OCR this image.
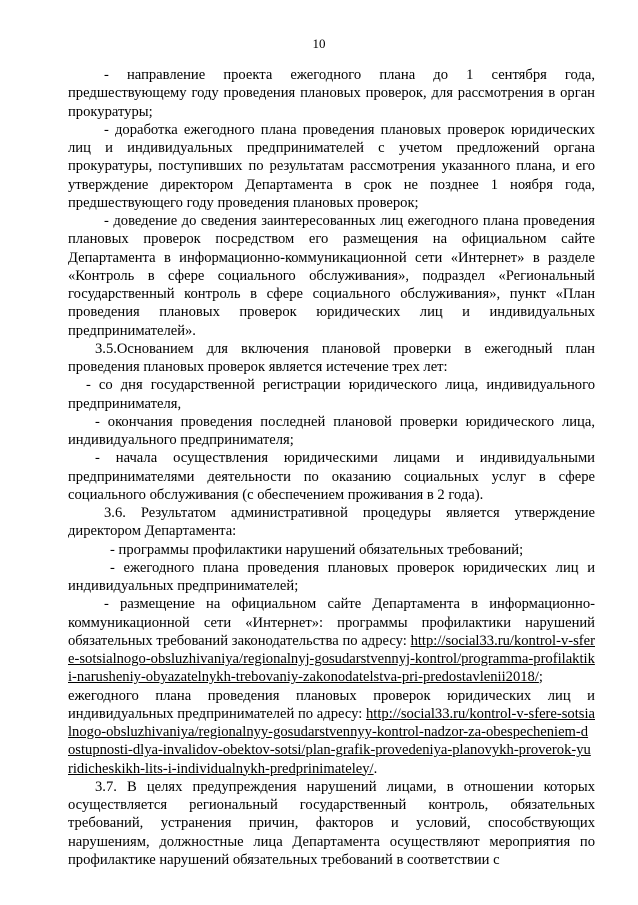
10

- направление проекта ежегодного плана до 1 сентября года, предшествующему году проведения плановых проверок, для рассмотрения в орган прокуратуры;

- доработка ежегодного плана проведения плановых проверок юридических лиц и индивидуальных предпринимателей с учетом предложений органа прокуратуры, поступивших по результатам рассмотрения указанного плана, и его утверждение директором Департамента в срок не позднее 1 ноября года, предшествующего году проведения плановых проверок;

- доведение до сведения заинтересованных лиц ежегодного плана проведения плановых проверок посредством его размещения на официальном сайте Департамента в информационно-коммуникационной сети «Интернет» в разделе «Контроль в сфере социального обслуживания», подраздел «Региональный государственный контроль в сфере социального обслуживания», пункт «План проведения плановых проверок юридических лиц и индивидуальных предпринимателей».

3.5.Основанием для включения плановой проверки в ежегодный план проведения плановых проверок является истечение трех лет:

- со дня государственной регистрации юридического лица, индивидуального предпринимателя,

- окончания проведения последней плановой проверки юридического лица, индивидуального предпринимателя;

- начала осуществления юридическими лицами и индивидуальными предпринимателями деятельности по оказанию социальных услуг в сфере социального обслуживания (с обеспечением проживания в 2 года).

3.6. Результатом административной процедуры является утверждение директором Департамента:

- программы профилактики нарушений обязательных требований;

- ежегодного плана проведения плановых проверок юридических лиц и индивидуальных предпринимателей;

- размещение на официальном сайте Департамента в информационно-коммуникационной сети «Интернет»: программы профилактики нарушений обязательных требований законодательства по адресу: http://social33.ru/kontrol-v-sfere-sotsialnogo-obsluzhivaniya/regionalnyj-gosudarstvennyj-kontrol/programma-profilaktiki-narusheniy-obyazatelnykh-trebovaniy-zakonodatelstva-pri-predostavlenii2018/; ежегодного плана проведения плановых проверок юридических лиц и индивидуальных предпринимателей по адресу: http://social33.ru/kontrol-v-sfere-sotsialnogo-obsluzhivaniya/regionalnyy-gosudarstvennyy-kontrol-nadzor-za-obespecheniem-dostupnosti-dlya-invalidov-obektov-sotsi/plan-grafik-provedeniya-planovykh-proverok-yuridicheskikh-lits-i-individualnykh-predprinimateley/.

3.7. В целях предупреждения нарушений лицами, в отношении которых осуществляется региональный государственный контроль, обязательных требований, устранения причин, факторов и условий, способствующих нарушениям, должностные лица Департамента осуществляют мероприятия по профилактике нарушений обязательных требований в соответствии с
